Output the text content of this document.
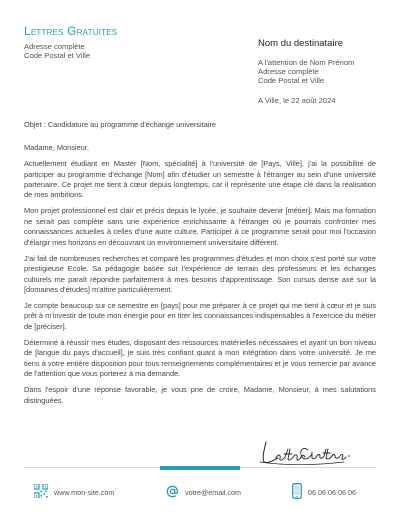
Lettres Gratuites
Adresse complète
Code Postal et Ville
Nom du destinataire
A l'attention de Nom Prénom
Adresse complète
Code Postal et Ville
A Ville, le 22 août 2024
Objet : Candidature au programme d'échange universitaire

Madame, Monsieur,

Actuellement étudiant en Master [Nom, spécialité] à l'université de [Pays, Ville], j'ai la possibilité de participer au programme d'échange [Nom] afin d'étudier un semestre à l'étranger au sein d'une université partenaire. Ce projet me tient à cœur depuis longtemps, car il représente une étape clé dans la réalisation de mes ambitions.

Mon projet professionnel est clair et précis depuis le lycée, je souhaite devenir [métier]. Mais ma formation ne serait pas complète sans une expérience enrichissante à l'étranger où je pourrais confronter mes connaissances actuelles à celles d'une autre culture. Participer à ce programme serait pour moi l'occasion d'élargir mes horizons en découvrant un environnement universitaire différent.

J'ai fait de nombreuses recherches et comparé les programmes d'études et mon choix s'est porté sur votre prestigieuse Ecole. Sa pédagogie basée sur l'expérience de terrain des professeurs et les échanges culturels me paraît répondre parfaitement à mes besoins d'apprentissage. Son cursus dense axé sur la [domaines d'études] m'attire particulièrement.

Je compte beaucoup sur ce semestre en [pays] pour me préparer à ce projet qui me tient à cœur et je suis prêt à m'investir de toute mon énergie pour en tirer les connaissances indispensables à l'exercice du métier de [préciser].

Déterminé à réussir mes études, disposant des ressources matérielles nécessaires et ayant un bon niveau de [langue du pays d'accueil], je suis très confiant quant à mon intégration dans votre université. Je me tiens à votre entière disposition pour tous renseignements complémentaires et je vous remercie par avance de l'attention que vous porterez à ma demande.

Dans l'espoir d'une réponse favorable, je vous prie de croire, Madame, Monsieur, à mes salutations distinguées.

www.mon-site.com	votre@email.com	06 06 06 06 06
